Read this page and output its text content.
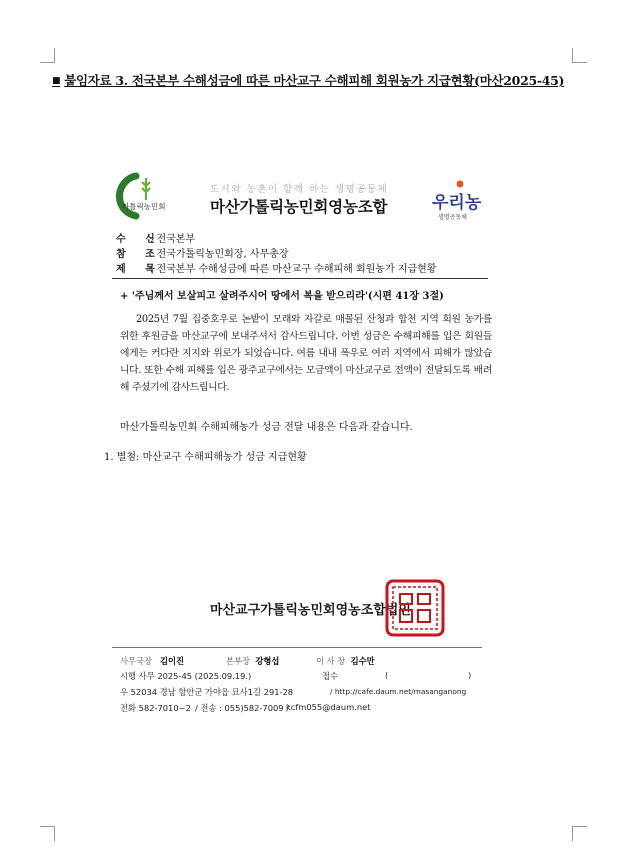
■ 붙임자료 3. 전국본부 수해성금에 따른 마산교구 수해피해 회원농가 지급현황(마산2025-45)
가톨릭농민회
도시와 농촌이 함께 하는 생명공동체
마산가톨릭농민회영농조합	우리농
생명공동체
수 신: 전국본부
참 조: 전국가톨릭농민회장, 사무총장
제 목: 전국본부 수해성금에 따른 마산교구 수해피해 회원농가 지급현황
+ '주님께서 보살피고 살려주시어 땅에서 복을 받으리라'(시편 41장 3절)
2025년 7월 집중호우로 논밭이 모래와 자갈로 매몰된 산청과 합천 지역 회원 농가를 위한 후원금을 마산교구에 보내주셔서 감사드립니다. 이번 성금은 수해피해를 입은 회원들에게는 커다란 지지와 위로가 되었습니다. 여름 내내 폭우로 여러 지역에서 피해가 많았습니다. 또한 수해 피해를 입은 광주교구에서는 모금액이 마산교구로 전액이 전달되도록 배려해 주셨기에 감사드립니다.
마산가톨릭농민회 수해피해농가 성금 전달 내용은 다음과 같습니다.
1. 별첨: 마산교구 수해피해농가 성금 지급현황
마산교구가톨릭농민회영농조합법인
사무국장 김이진	본부장 강형섭	이 사 장 김수만
시행 사무 2025-45 (2025.09.19.)	접수	(	)
우 52034 경남 함안군 가야읍 묘사1길 291-28	/ http://cafe.daum.net/masanganong
전화 582-7010~2 / 전송 : 055)582-7009 /
kcfm055@daum.net
